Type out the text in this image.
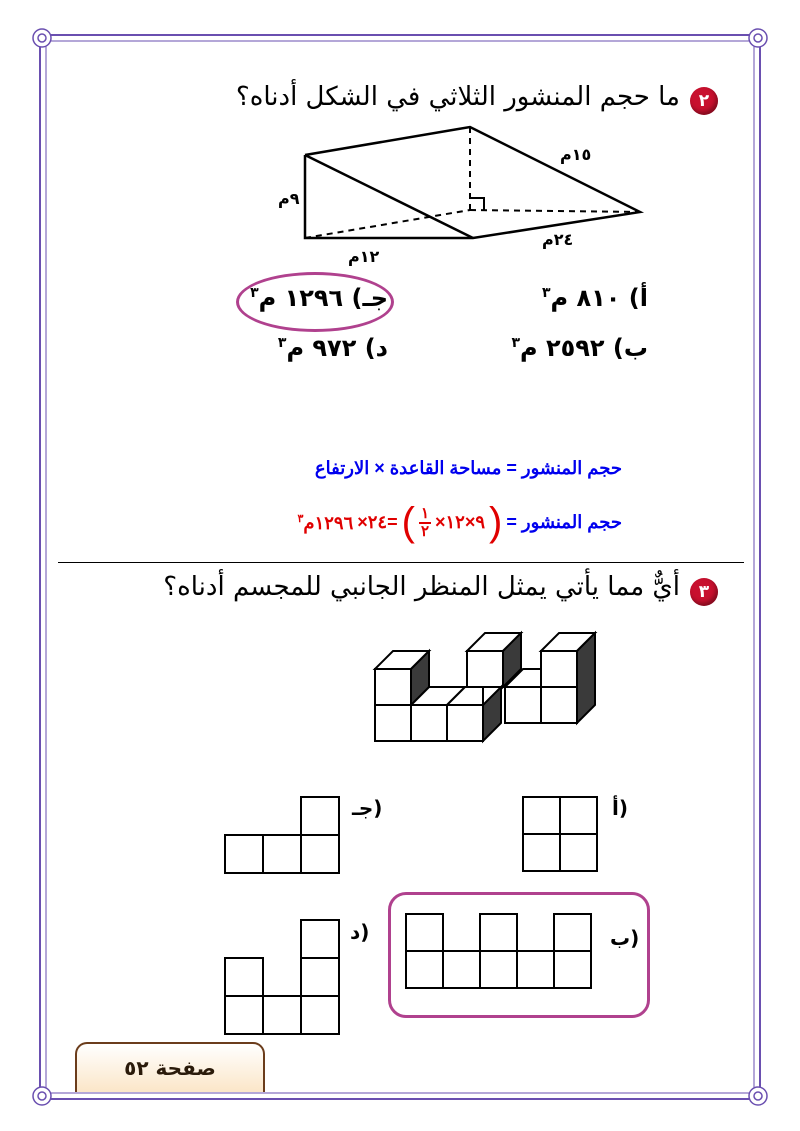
٢
ما حجم المنشور الثلاثي في الشكل أدناه؟
١٥م
٩م
٢٤م
١٢م
أ) ٨١٠ م$^٣$
ب) ٢٥٩٢ م$^٣$
جـ) ١٢٩٦ م$^٣$
د) ٩٧٢ م$^٣$
حجم المنشور = مساحة القاعدة × الارتفاع
حجم المنشور =
(
٩×١٢×
١
٢
)
=٢٤×
١٢٩٦م$^٣$
٣
أيٌّ مما يأتي يمثل المنظر الجانبي للمجسم أدناه؟
أ)
جـ)
ب)
د)
صفحة ٥٢
